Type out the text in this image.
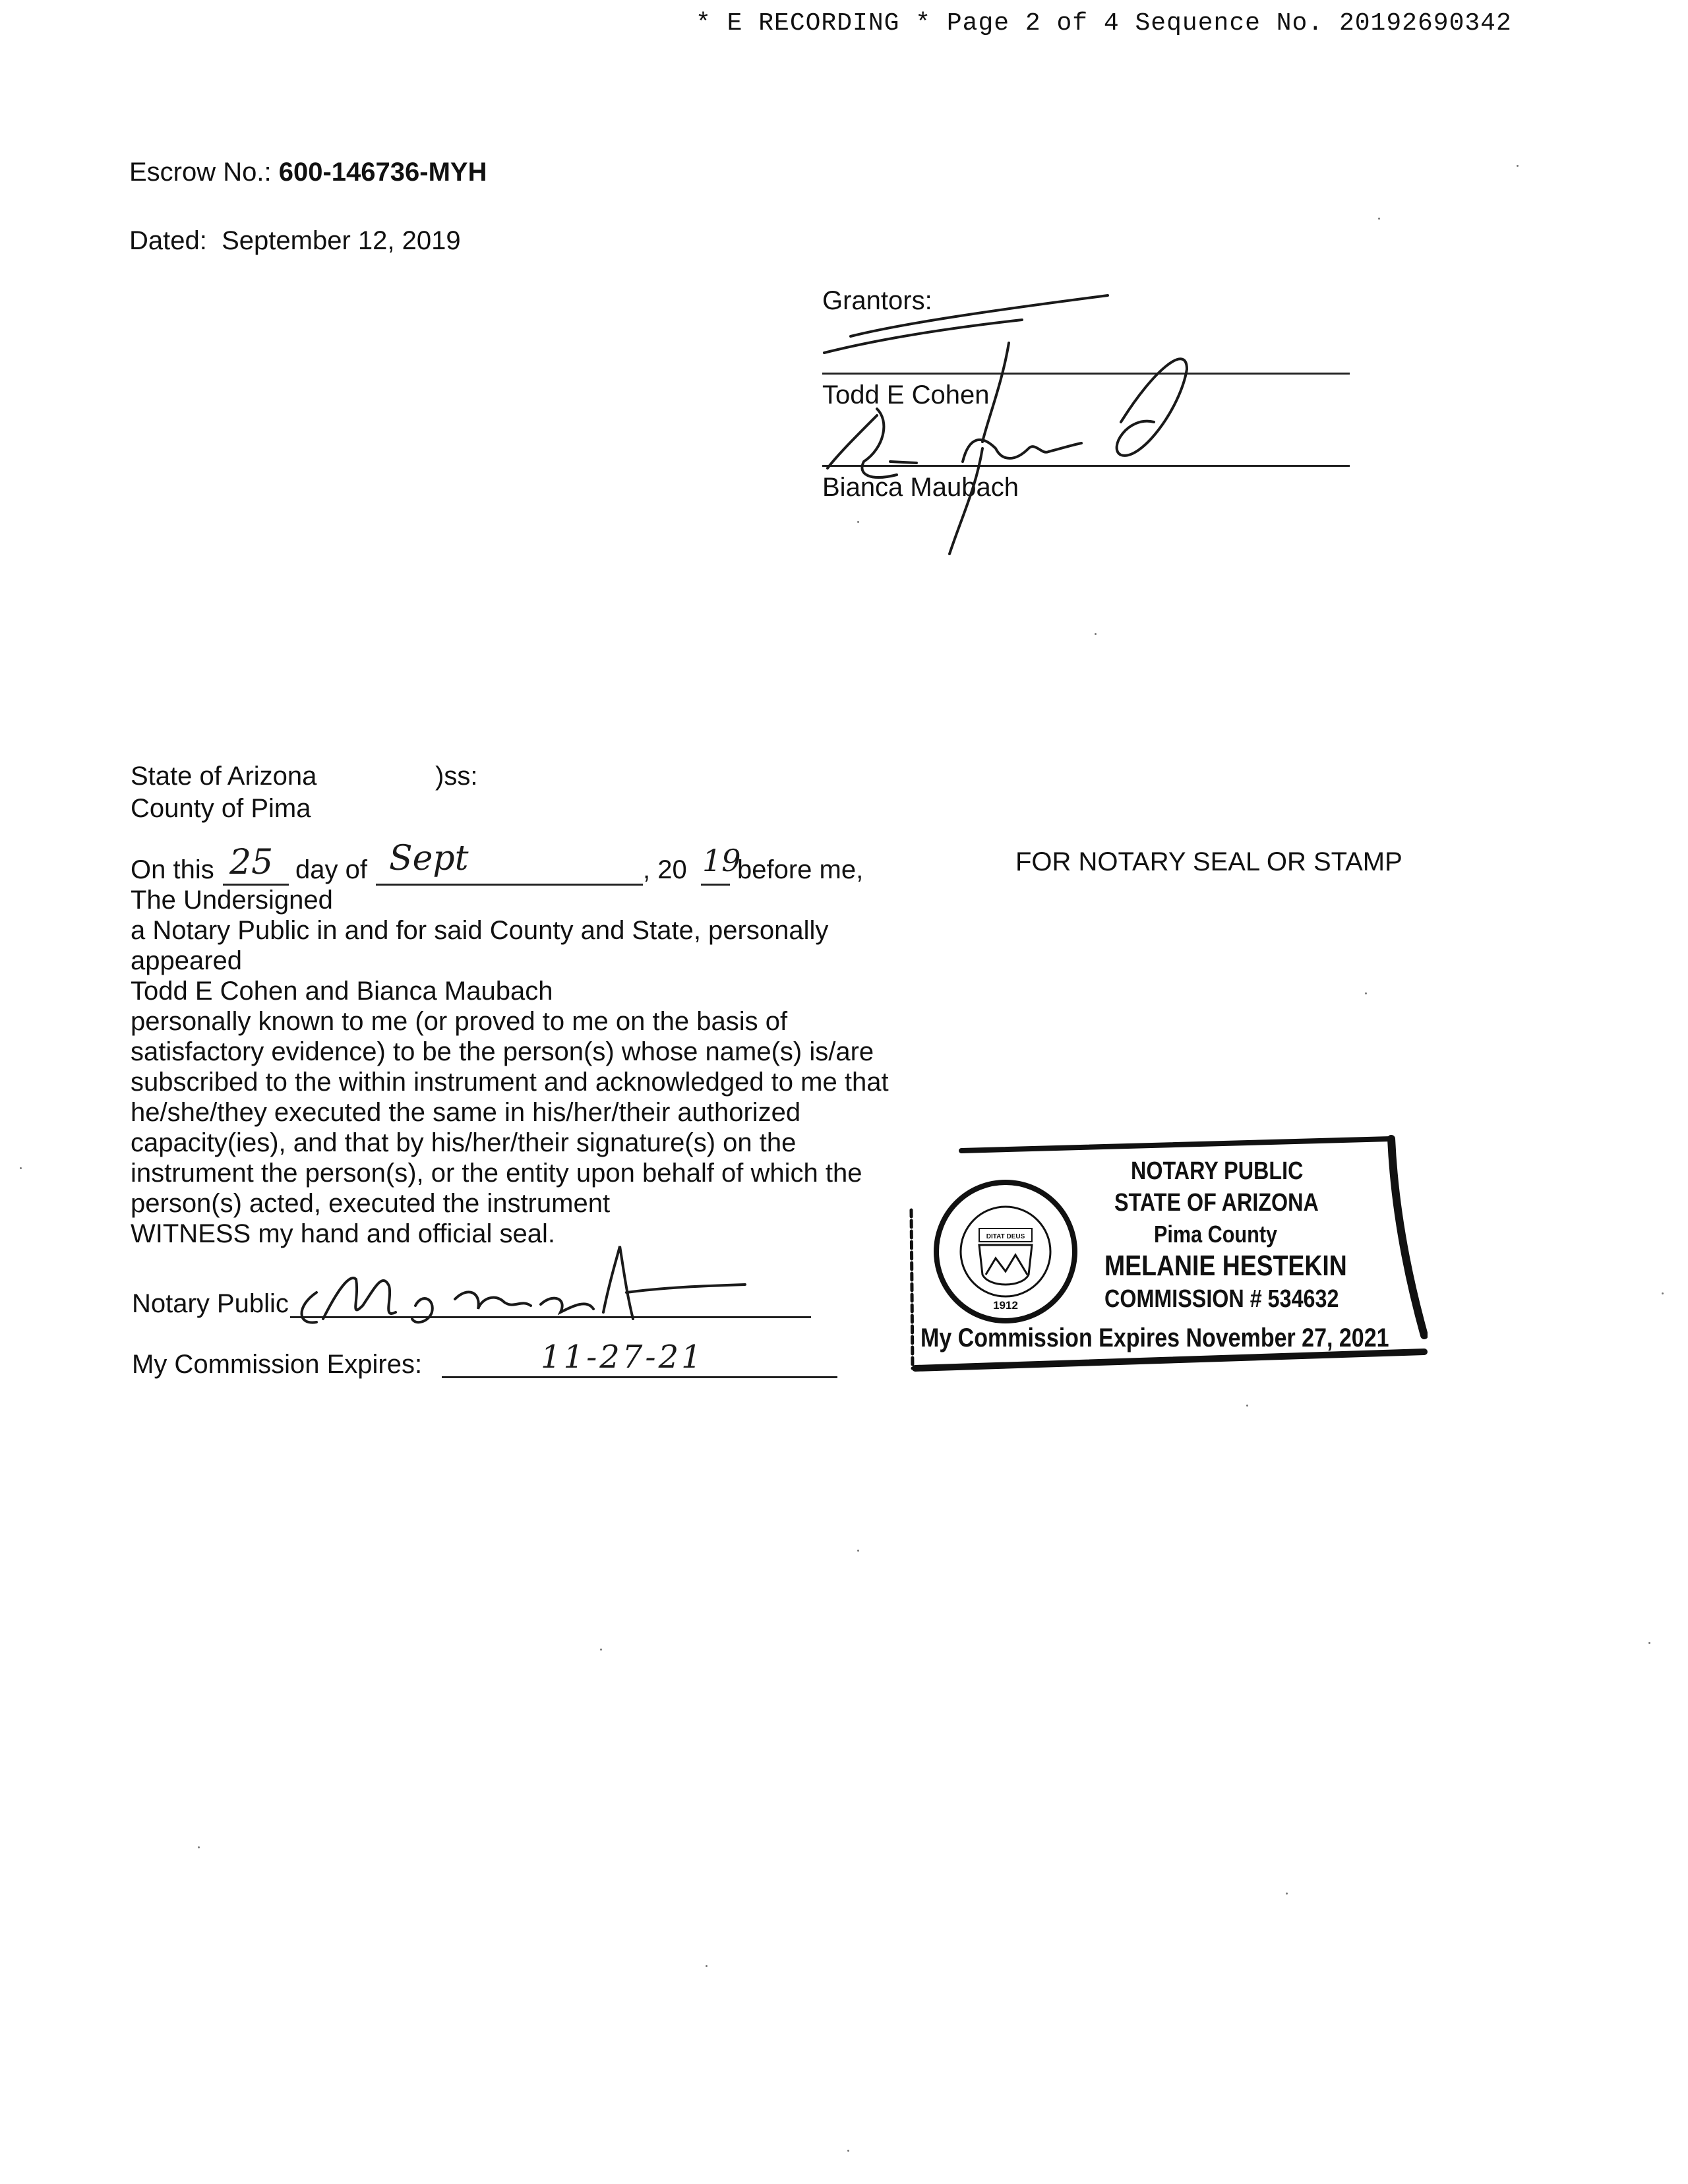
* E RECORDING * Page 2 of 4 Sequence No. 20192690342
Escrow No.: 600-146736-MYH
Dated: September 12, 2019
Grantors:
Todd E Cohen
Bianca Maubach
State of Arizona	)ss:
County of Pima
On this 25 day of Sept	, 20 19
before me,	FOR NOTARY SEAL OR STAMP
The Undersigned
a Notary Public in and for said County and State, personally
appeared
Todd E Cohen and Bianca Maubach
personally known to me (or proved to me on the basis of
satisfactory evidence) to be the person(s) whose name(s) is/are
subscribed to the within instrument and acknowledged to me that
he/she/they executed the same in his/her/their authorized
capacity(ies), and that by his/her/their signature(s) on the
instrument the person(s), or the entity upon behalf of which the
person(s) acted, executed the instrument
WITNESS my hand and official seal.
Notary Public
My Commission Expires:	11-27-21
1912
DITAT DEUS
NOTARY PUBLIC
STATE OF ARIZONA
Pima County
MELANIE HESTEKIN
COMMISSION # 534632
My Commission Expires November 27, 2021
